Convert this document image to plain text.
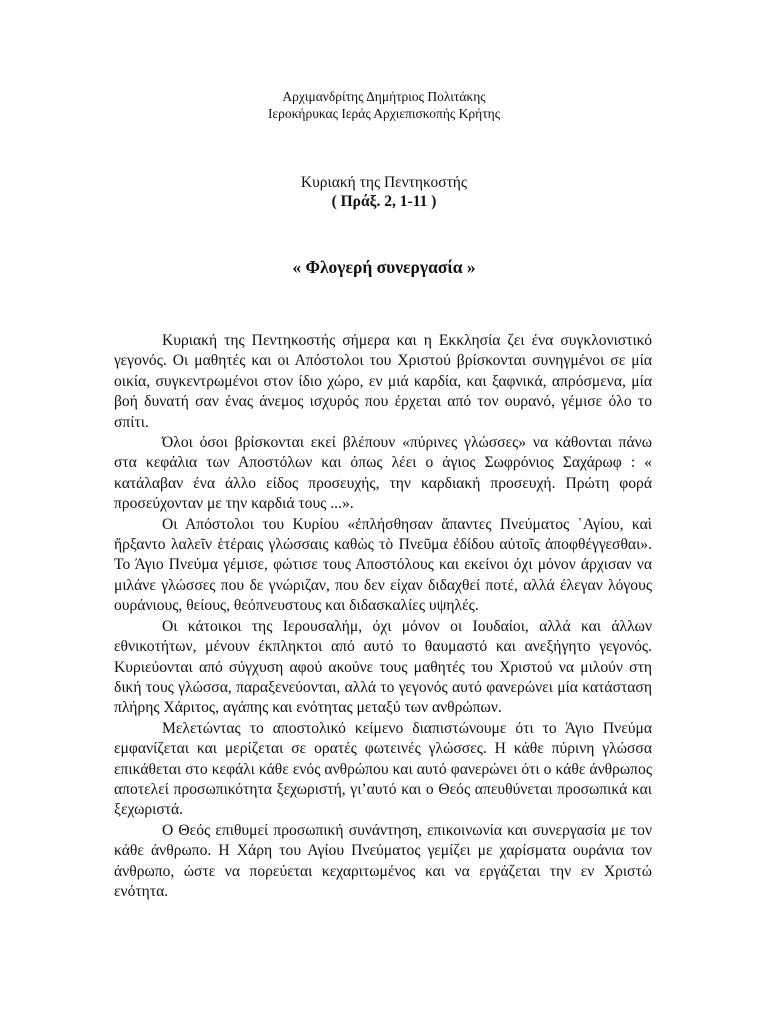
Αρχιμανδρίτης Δημήτριος Πολιτάκης
Ιεροκήρυκας Ιεράς Αρχιεπισκοπής Κρήτης
Κυριακή της Πεντηκοστής
( Πράξ. 2, 1-11 )
« Φλογερή συνεργασία »

Κυριακή της Πεντηκοστής σήμερα και η Εκκλησία ζει ένα συγκλονιστικό γεγονός. Οι μαθητές και οι Απόστολοι του Χριστού βρίσκονται συνηγμένοι σε μία οικία, συγκεντρωμένοι στον ίδιο χώρο, εν μιά καρδία, και ξαφνικά, απρόσμενα, μία βοή δυνατή σαν ένας άνεμος ισχυρός που έρχεται από τον ουρανό, γέμισε όλο το σπίτι.

Όλοι όσοι βρίσκονται εκεί βλέπουν «πύρινες γλώσσες» να κάθονται πάνω στα κεφάλια των Αποστόλων και όπως λέει ο άγιος Σωφρόνιος Σαχάρωφ : « κατάλαβαν ένα άλλο είδος προσευχής, την καρδιακή προσευχή. Πρώτη φορά προσεύχονταν με την καρδιά τους ...».

Οι Απόστολοι του Κυρίου «ἐπλήσθησαν ἅπαντες Πνεύματος ῾Αγίου, καὶ ἤρξαντο λαλεῖν ἑτέραις γλώσσαις καθὼς τὸ Πνεῦμα ἐδίδου αὐτοῖς ἀποφθέγγεσθαι». Το Άγιο Πνεύμα γέμισε, φώτισε τους Αποστόλους και εκείνοι όχι μόνον άρχισαν να μιλάνε γλώσσες που δε γνώριζαν, που δεν είχαν διδαχθεί ποτέ, αλλά έλεγαν λόγους ουράνιους, θείους, θεόπνευστους και διδασκαλίες υψηλές.

Οι κάτοικοι της Ιερουσαλήμ, όχι μόνον οι Ιουδαίοι, αλλά και άλλων εθνικοτήτων, μένουν έκπληκτοι από αυτό το θαυμαστό και ανεξήγητο γεγονός. Κυριεύονται από σύγχυση αφού ακούνε τους μαθητές του Χριστού να μιλούν στη δική τους γλώσσα, παραξενεύονται, αλλά το γεγονός αυτό φανερώνει μία κατάσταση πλήρης Χάριτος, αγάπης και ενότητας μεταξύ των ανθρώπων.

Μελετώντας το αποστολικό κείμενο διαπιστώνουμε ότι το Άγιο Πνεύμα εμφανίζεται και μερίζεται σε ορατές φωτεινές γλώσσες. Η κάθε πύρινη γλώσσα επικάθεται στο κεφάλι κάθε ενός ανθρώπου και αυτό φανερώνει ότι ο κάθε άνθρωπος αποτελεί προσωπικότητα ξεχωριστή, γι’αυτό και ο Θεός απευθύνεται προσωπικά και ξεχωριστά.

Ο Θεός επιθυμεί προσωπική συνάντηση, επικοινωνία και συνεργασία με τον κάθε άνθρωπο. Η Χάρη του Αγίου Πνεύματος γεμίζει με χαρίσματα ουράνια τον άνθρωπο, ώστε να πορεύεται κεχαριτωμένος και να εργάζεται την εν Χριστώ ενότητα.
